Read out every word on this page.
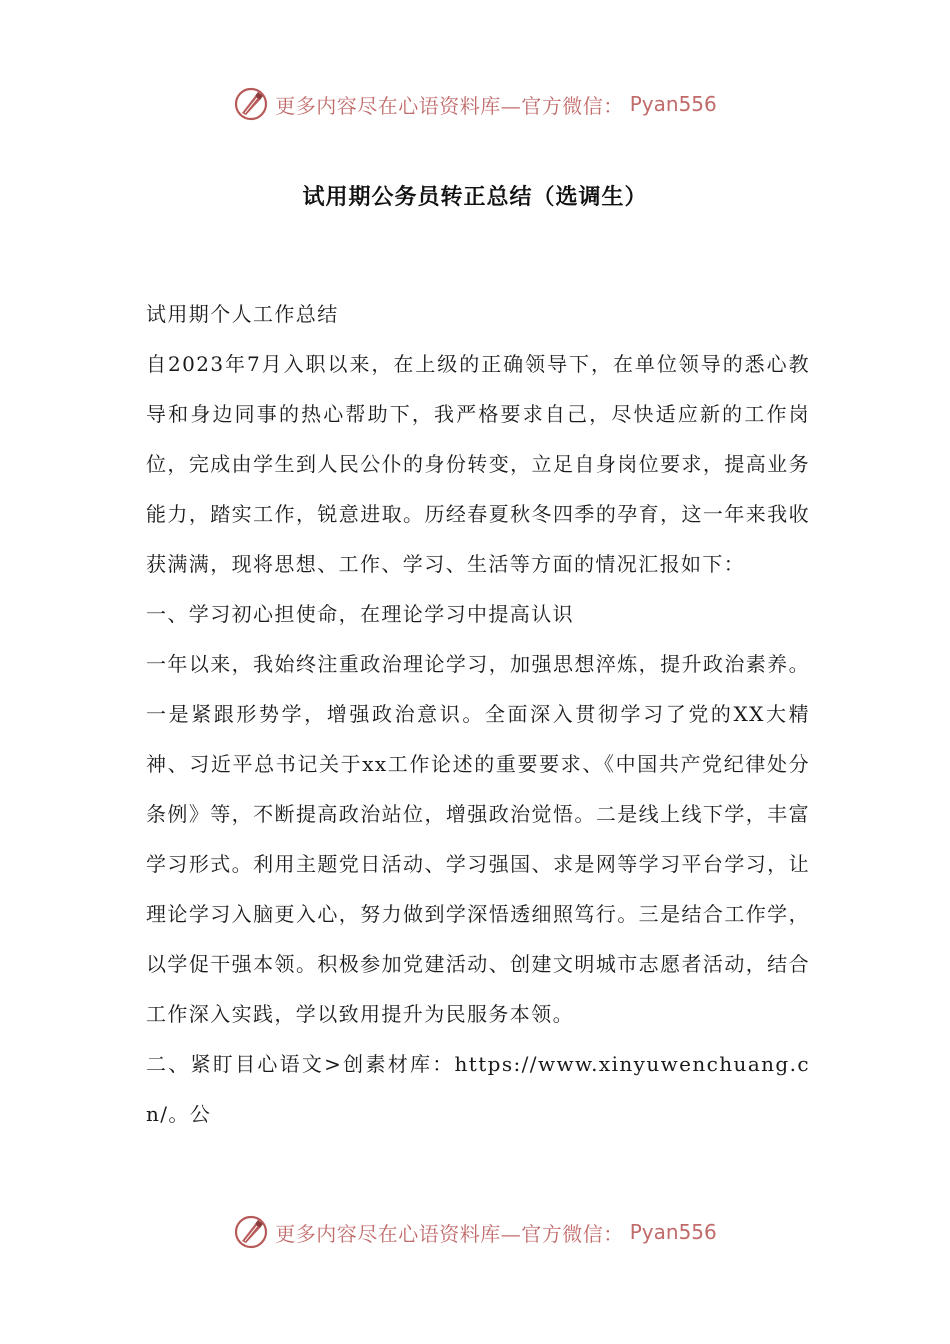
更多内容尽在心语资料库—官方微信： Pyan556
试用期公务员转正总结（选调生）

试用期个人工作总结

自2023年7月入职以来，在上级的正确领导下，在单位领导的悉心教导和身边同事的热心帮助下，我严格要求自己，尽快适应新的工作岗位，完成由学生到人民公仆的身份转变，立足自身岗位要求，提高业务能力，踏实工作，锐意进取。历经春夏秋冬四季的孕育，这一年来我收获满满，现将思想、工作、学习、生活等方面的情况汇报如下：

一、学习初心担使命，在理论学习中提高认识

一年以来，我始终注重政治理论学习，加强思想淬炼，提升政治素养。一是紧跟形势学，增强政治意识。全面深入贯彻学习了党的XX大精神、习近平总书记关于xx工作论述的重要要求、《中国共产党纪律处分条例》等，不断提高政治站位，增强政治觉悟。二是线上线下学，丰富学习形式。利用主题党日活动、学习强国、求是网等学习平台学习，让理论学习入脑更入心，努力做到学深悟透细照笃行。三是结合工作学，以学促干强本领。积极参加党建活动、创建文明城市志愿者活动，结合工作深入实践，学以致用提升为民服务本领。

二、紧盯目心语文>创素材库：https://www.xinyuwenchuang.cn/。公

更多内容尽在心语资料库—官方微信： Pyan556
